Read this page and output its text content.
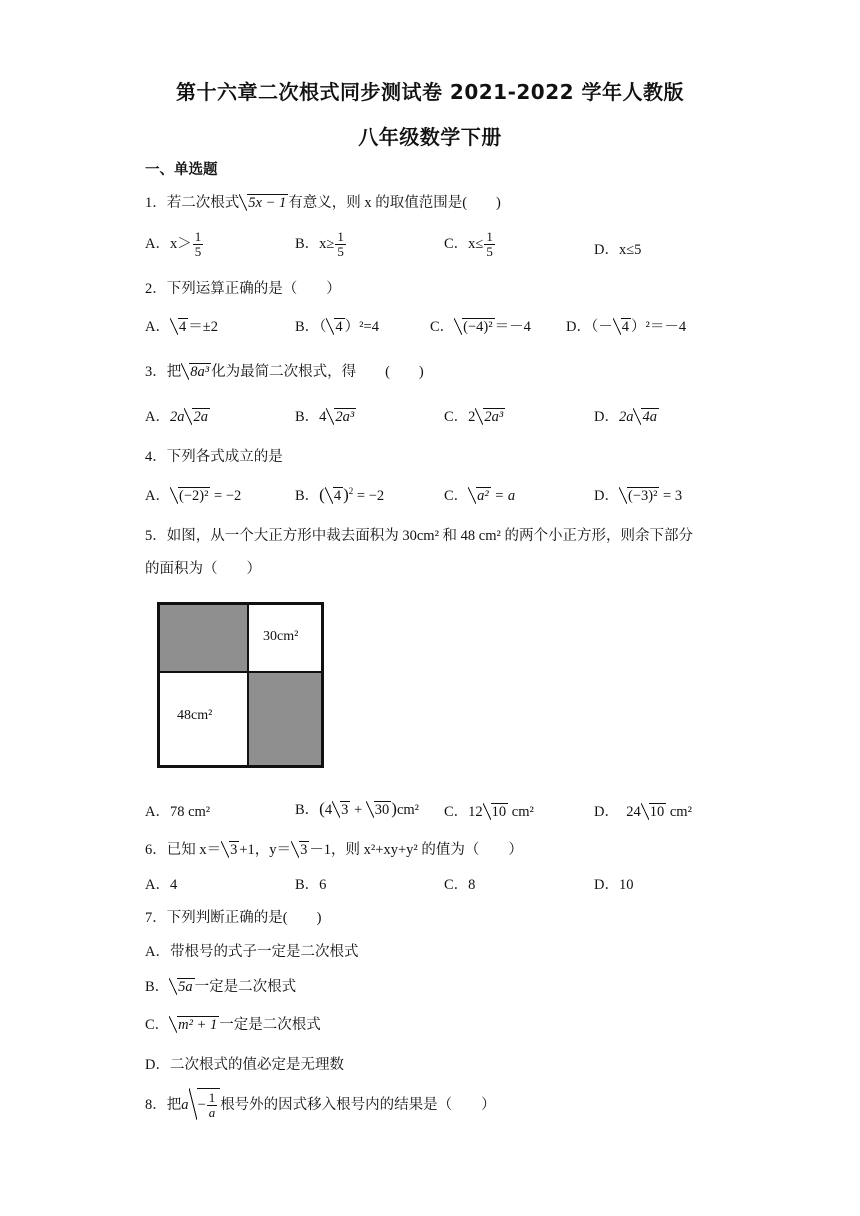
第十六章二次根式同步测试卷 2021-2022 学年人教版
八年级数学下册
一、单选题
1．若二次根式 5x − 1 有意义，则 x 的取值范围是(　　)
A．$x> \frac{1}{5}$	B．$x\ge \frac{1}{5}$	C．$x\le \frac{1}{5}$	D．x≤5
2．下列运算正确的是（　　）
A． 4 ＝±2	B．（ 4 ）²=4	C． (−4)² ＝－4 D．（－ 4 ）²＝－4
3．把 8a³ 化为最简二次根式，得　　(　　)
A．2a 2a	B．4 2a³	C．2 2a³	D．2a 4a
4．下列各式成立的是
A． (−2)² = −2	B．( 4 )$^2$ = −2	C． a² = a	D． (−3)² = 3
5．如图，从一个大正方形中裁去面积为 30cm² 和 48 cm² 的两个小正方形，则余下部分
的面积为（　　）
30cm²
48cm²
A．78 cm²	B．(4 3 + 30 )cm² C．12 10 cm²	D．　24 10 cm²
6．已知 x＝ 3 +1，y＝ 3 －1，则 x²+xy+y² 的值为（　　）
A．4	B．6	C．8	D．10
7．下列判断正确的是(　　)
A．带根号的式子一定是二次根式
B． 5a 一定是二次根式
C． m² + 1 一定是二次根式
D．二次根式的值必定是无理数
8．把$a - \frac{1}{a}$ 根号外的因式移入根号内的结果是（　　）
